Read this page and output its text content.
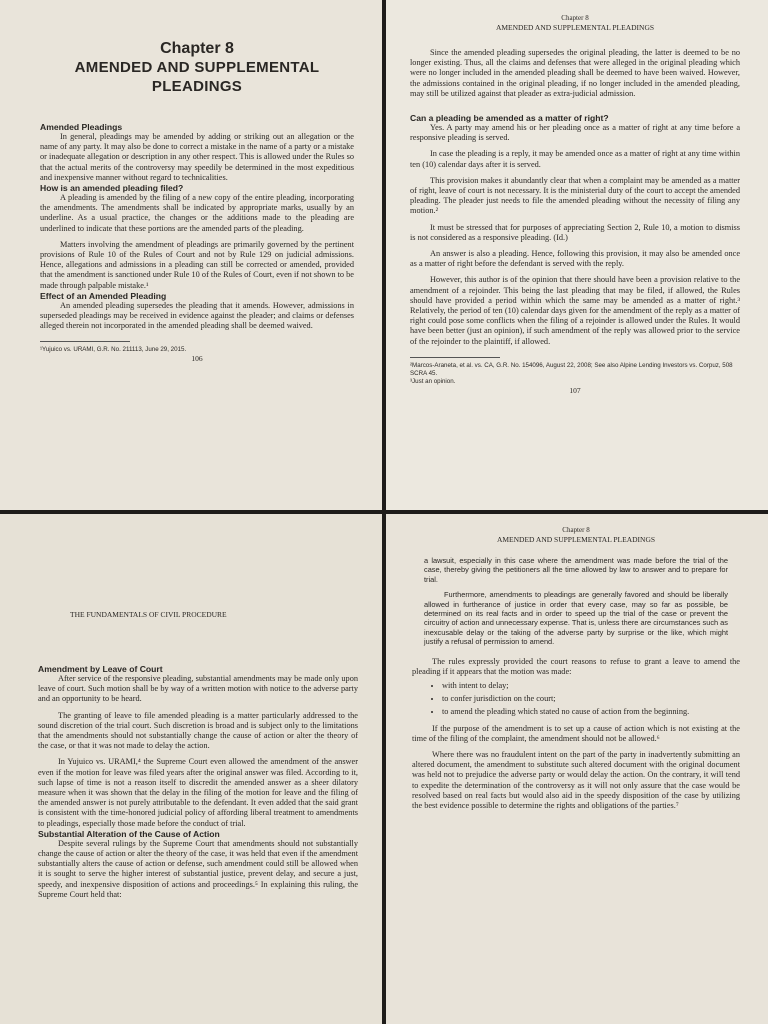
Chapter 8

AMENDED AND SUPPLEMENTAL PLEADINGS

Amended Pleadings

In general, pleadings may be amended by adding or striking out an allegation or the name of any party. It may also be done to correct a mistake in the name of a party or a mistake or inadequate allegation or description in any other respect. This is allowed under the Rules so that the actual merits of the controversy may speedily be determined in the most expeditious and inexpensive manner without regard to technicalities.

How is an amended pleading filed?

A pleading is amended by the filing of a new copy of the entire pleading, incorporating the amendments. The amendments shall be indicated by appropriate marks, usually by an underline. As a usual practice, the changes or the additions made to the pleading are underlined to indicate that these portions are the amended parts of the pleading.

Matters involving the amendment of pleadings are primarily governed by the pertinent provisions of Rule 10 of the Rules of Court and not by Rule 129 on judicial admissions. Hence, allegations and admissions in a pleading can still be corrected or amended, provided that the amendment is sanctioned under Rule 10 of the Rules of Court, even if not shown to be made through palpable mistake.¹

Effect of an Amended Pleading

An amended pleading supersedes the pleading that it amends. However, admissions in superseded pleadings may be received in evidence against the pleader; and claims or defenses alleged therein not incorporated in the amended pleading shall be deemed waived.

¹Yujuico vs. URAMI, G.R. No. 211113, June 29, 2015.

106

Chapter 8
AMENDED AND SUPPLEMENTAL PLEADINGS

Since the amended pleading supersedes the original pleading, the latter is deemed to be no longer existing. Thus, all the claims and defenses that were alleged in the original pleading which were no longer included in the amended pleading shall be deemed to have been waived. However, the admissions contained in the original pleading, if no longer included in the amended pleading, may still be utilized against that pleader as extra-judicial admission.

Can a pleading be amended as a matter of right?

Yes. A party may amend his or her pleading once as a matter of right at any time before a responsive pleading is served.

In case the pleading is a reply, it may be amended once as a matter of right at any time within ten (10) calendar days after it is served.

This provision makes it abundantly clear that when a complaint may be amended as a matter of right, leave of court is not necessary. It is the ministerial duty of the court to accept the amended pleading. The pleader just needs to file the amended pleading without the necessity of filing any motion.²

It must be stressed that for purposes of appreciating Section 2, Rule 10, a motion to dismiss is not considered as a responsive pleading. (Id.)

An answer is also a pleading. Hence, following this provision, it may also be amended once as a matter of right before the defendant is served with the reply.

However, this author is of the opinion that there should have been a provision relative to the amendment of a rejoinder. This being the last pleading that may be filed, if allowed, the Rules should have provided a period within which the same may be amended as a matter of right.³ Relatively, the period of ten (10) calendar days given for the amendment of the reply as a matter of right could pose some conflicts when the filing of a rejoinder is allowed under the Rules. It would have been better (just an opinion), if such amendment of the reply was allowed prior to the service of the rejoinder to the plaintiff, if allowed.

²Marcos-Araneta, et al. vs. CA, G.R. No. 154096, August 22, 2008; See also Alpine Lending Investors vs. Corpuz, 508 SCRA 45.

³Just an opinion.

107

THE FUNDAMENTALS OF CIVIL PROCEDURE

Amendment by Leave of Court

After service of the responsive pleading, substantial amendments may be made only upon leave of court. Such motion shall be by way of a written motion with notice to the adverse party and an opportunity to be heard.

The granting of leave to file amended pleading is a matter particularly addressed to the sound discretion of the trial court. Such discretion is broad and is subject only to the limitations that the amendments should not substantially change the cause of action or alter the theory of the case, or that it was not made to delay the action.

In Yujuico vs. URAMI,⁴ the Supreme Court even allowed the amendment of the answer even if the motion for leave was filed years after the original answer was filed. According to it, such lapse of time is not a reason itself to discredit the amended answer as a sheer dilatory measure when it was shown that the delay in the filing of the motion for leave and the filing of the amended answer is not purely attributable to the defendant. It even added that the said grant is consistent with the time-honored judicial policy of affording liberal treatment to amendments to pleadings, especially those made before the conduct of trial.

Substantial Alteration of the Cause of Action

Despite several rulings by the Supreme Court that amendments should not substantially change the cause of action or alter the theory of the case, it was held that even if the amendment substantially alters the cause of action or defense, such amendment could still be allowed when it is sought to serve the higher interest of substantial justice, prevent delay, and secure a just, speedy, and inexpensive disposition of actions and proceedings.⁵ In explaining this ruling, the Supreme Court held that:

Chapter 8
AMENDED AND SUPPLEMENTAL PLEADINGS

a lawsuit, especially in this case where the amendment was made before the trial of the case, thereby giving the petitioners all the time allowed by law to answer and to prepare for trial.

Furthermore, amendments to pleadings are generally favored and should be liberally allowed in furtherance of justice in order that every case, may so far as possible, be determined on its real facts and in order to speed up the trial of the case or prevent the circuitry of action and unnecessary expense. That is, unless there are circumstances such as inexcusable delay or the taking of the adverse party by surprise or the like, which might justify a refusal of permission to amend.

The rules expressly provided the court reasons to refuse to grant a leave to amend the pleading if it appears that the motion was made:

• with intent to delay;
• to confer jurisdiction on the court;
• to amend the pleading which stated no cause of action from the beginning.

If the purpose of the amendment is to set up a cause of action which is not existing at the time of the filing of the complaint, the amendment should not be allowed.⁶

Where there was no fraudulent intent on the part of the party in inadvertently submitting an altered document, the amendment to substitute such altered document with the original document was held not to prejudice the adverse party or would delay the action. On the contrary, it will tend to expedite the determination of the controversy as it will not only assure that the case would be resolved based on real facts but would also aid in the speedy disposition of the case by utilizing the best evidence possible to determine the rights and obligations of the parties.⁷
